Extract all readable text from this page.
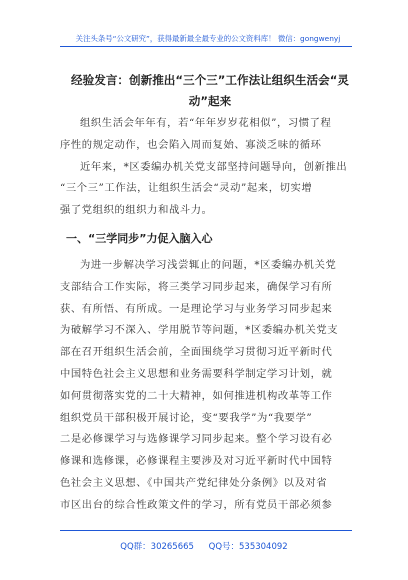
关注头条号“公文研究”，获得最新最全最专业的公文资料库！ 微信：gongwenyj
经验发言：创新推出“三个三”工作法让组织生活会“灵
动”起来
组织生活会年年有，若“年年岁岁花相似”，习惯了程
序性的规定动作，也会陷入周而复始、寡淡乏味的循环
近年来，*区委编办机关党支部坚持问题导向，创新推出
“三个三”工作法，让组织生活会“灵动”起来，切实增
强了党组织的组织力和战斗力。
一、“三学同步”力促入脑入心
为进一步解决学习浅尝辄止的问题，*区委编办机关党
支部结合工作实际，将三类学习同步起来，确保学习有所
获、有所悟、有所成。一是理论学习与业务学习同步起来
为破解学习不深入、学用脱节等问题，*区委编办机关党支
部在召开组织生活会前，全面围绕学习贯彻习近平新时代
中国特色社会主义思想和业务需要科学制定学习计划，就
如何贯彻落实党的二十大精神，如何推进机构改革等工作
组织党员干部积极开展讨论，变“要我学”为“我要学”
二是必修课学习与选修课学习同步起来。整个学习设有必
修课和选修课，必修课程主要涉及对习近平新时代中国特
色社会主义思想、《中国共产党纪律处分条例》以及对省
市区出台的综合性政策文件的学习，所有党员干部必须参
QQ群：30265665 QQ号：535304092
